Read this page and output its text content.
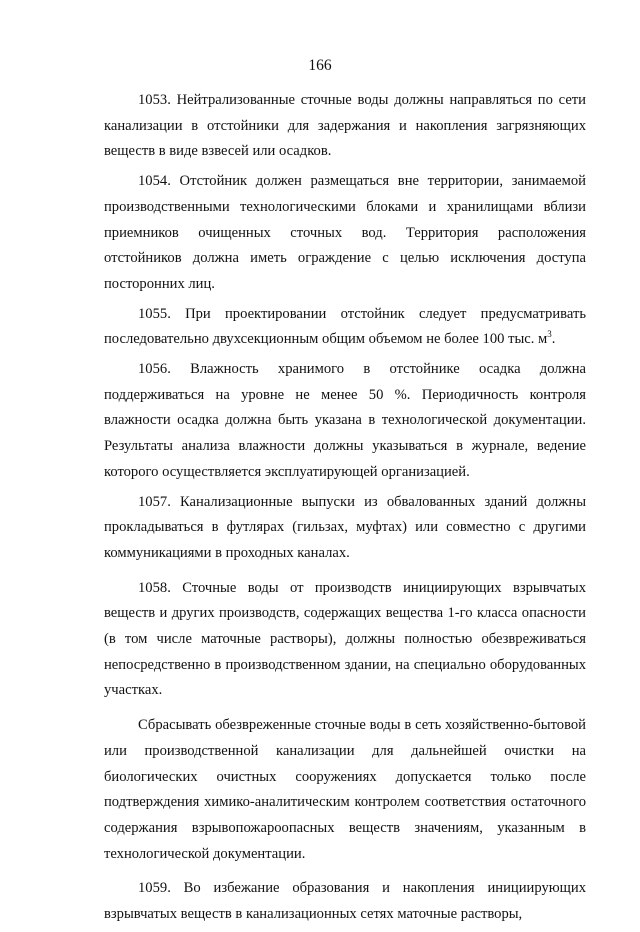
166

1053. Нейтрализованные сточные воды должны направляться по сети канализации в отстойники для задержания и накопления загрязняющих веществ в виде взвесей или осадков.

1054. Отстойник должен размещаться вне территории, занимаемой производственными технологическими блоками и хранилищами вблизи приемников очищенных сточных вод. Территория расположения отстойников должна иметь ограждение с целью исключения доступа посторонних лиц.

1055. При проектировании отстойник следует предусматривать последовательно двухсекционным общим объемом не более 100 тыс. $м^3$.

1056. Влажность хранимого в отстойнике осадка должна поддерживаться на уровне не менее 50 %. Периодичность контроля влажности осадка должна быть указана в технологической документации. Результаты анализа влажности должны указываться в журнале, ведение которого осуществляется эксплуатирующей организацией.

1057. Канализационные выпуски из обвалованных зданий должны прокладываться в футлярах (гильзах, муфтах) или совместно с другими коммуникациями в проходных каналах.

1058. Сточные воды от производств инициирующих взрывчатых веществ и других производств, содержащих вещества 1-го класса опасности (в том числе маточные растворы), должны полностью обезвреживаться непосредственно в производственном здании, на специально оборудованных участках.

Сбрасывать обезвреженные сточные воды в сеть хозяйственно-бытовой или производственной канализации для дальнейшей очистки на биологических очистных сооружениях допускается только после подтверждения химико-аналитическим контролем соответствия остаточного содержания взрывопожароопасных веществ значениям, указанным в технологической документации.

1059. Во избежание образования и накопления инициирующих взрывчатых веществ в канализационных сетях маточные растворы,
